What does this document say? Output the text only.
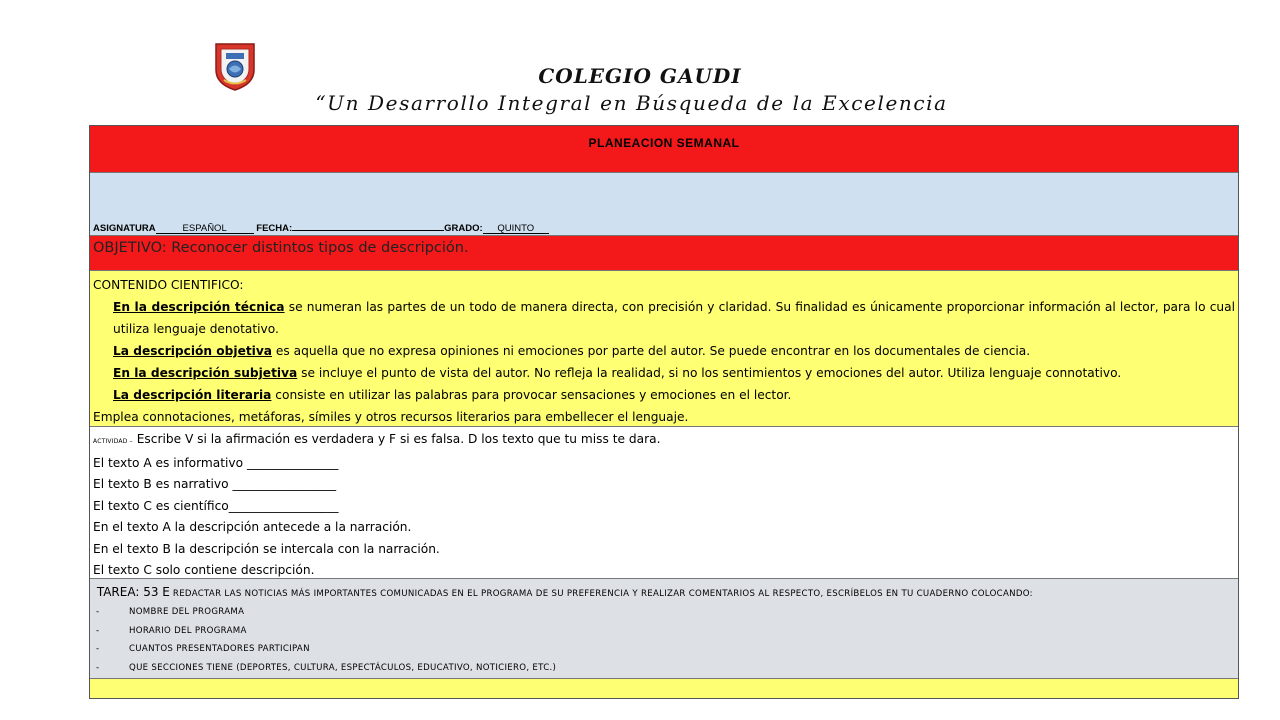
COLEGIO GAUDI
“Un Desarrollo Integral en Búsqueda de la Excelencia
PLANEACION SEMANAL
ASIGNATURA	ESPAÑOL	FECHA:	GRADO: QUINTO

OBJETIVO: Reconocer distintos tipos de descripción.

CONTENIDO CIENTIFICO:

En la descripción técnica se numeran las partes de un todo de manera directa, con precisión y claridad. Su finalidad es únicamente proporcionar información al lector, para lo cual utiliza lenguaje denotativo.

La descripción objetiva es aquella que no expresa opiniones ni emociones por parte del autor. Se puede encontrar en los documentales de ciencia.

En la descripción subjetiva se incluye el punto de vista del autor. No refleja la realidad, si no los sentimientos y emociones del autor. Utiliza lenguaje connotativo.

La descripción literaria consiste en utilizar las palabras para provocar sensaciones y emociones en el lector.

Emplea connotaciones, metáforas, símiles y otros recursos literarios para embellecer el lenguaje.

ACTIVIDAD – Escribe V si la afirmación es verdadera y F si es falsa. D los texto que tu miss te dara.

El texto A es informativo _______________

El texto B es narrativo _________________

El texto C es científico__________________

En el texto A la descripción antecede a la narración.

En el texto B la descripción se intercala con la narración.

El texto C solo contiene descripción.

TAREA: 53 E REDACTAR LAS NOTICIAS MÁS IMPORTANTES COMUNICADAS EN EL PROGRAMA DE SU PREFERENCIA Y REALIZAR COMENTARIOS AL RESPECTO, ESCRÍBELOS EN TU CUADERNO COLOCANDO:

-	NOMBRE DEL PROGRAMA

-	HORARIO DEL PROGRAMA

-	CUANTOS PRESENTADORES PARTICIPAN

-	QUE SECCIONES TIENE (DEPORTES, CULTURA, ESPECTÁCULOS, EDUCATIVO, NOTICIERO, ETC.)
